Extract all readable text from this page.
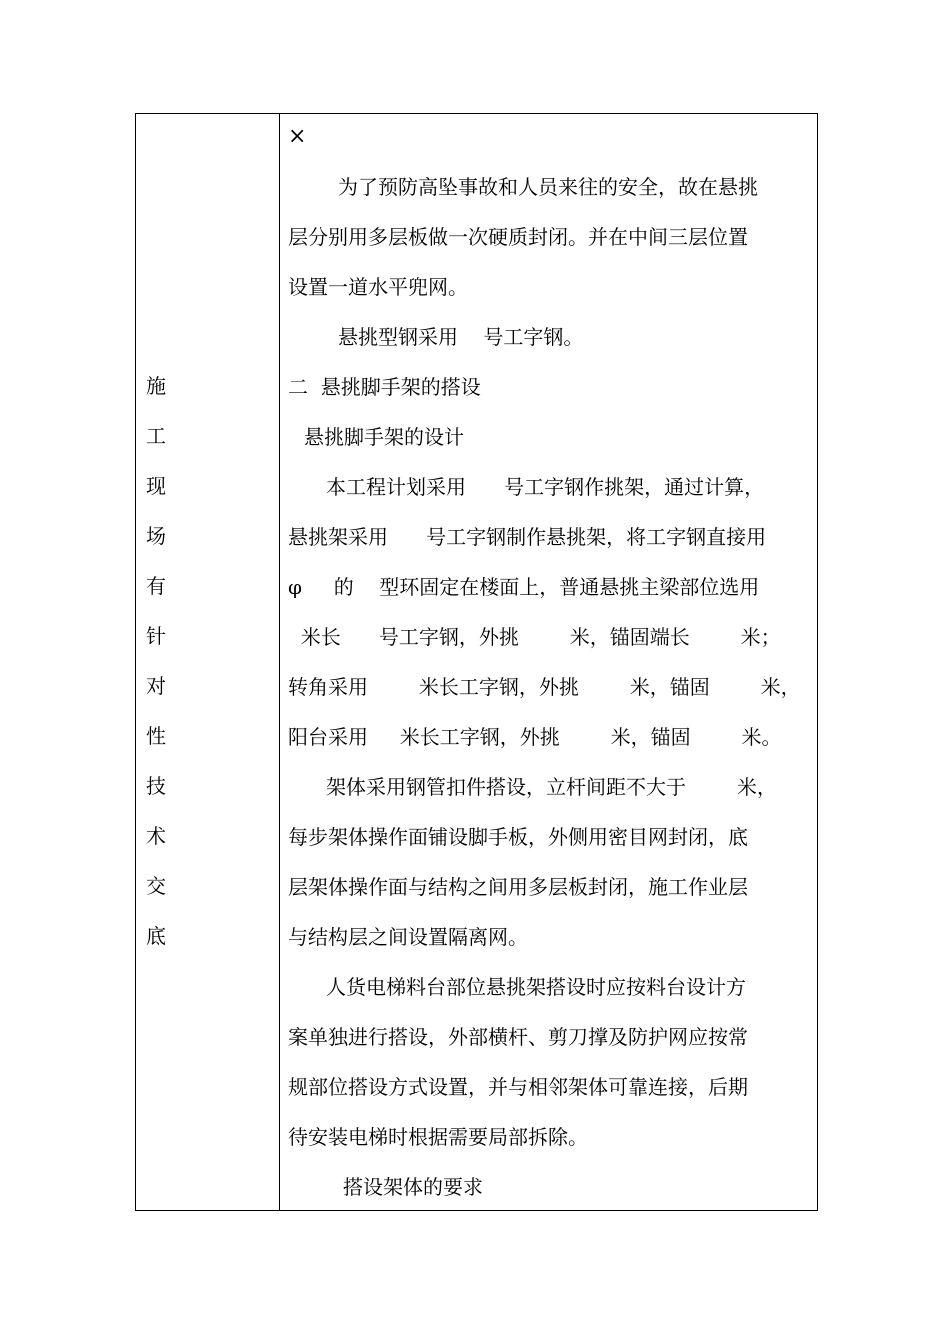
施
工
现
场
有
针
对
性
技
术
交
底
×
为了预防高坠事故和人员来往的安全，故在悬挑
层分别用多层板做一次硬质封闭。并在中间三层位置
设置一道水平兜网。
悬挑型钢采用    号工字钢。
二  悬挑脚手架的搭设
悬挑脚手架的设计
本工程计划采用      号工字钢作挑架，通过计算，
悬挑架采用      号工字钢制作悬挑架，将工字钢直接用
φ     的    型环固定在楼面上，普通悬挑主梁部位选用
米长      号工字钢，外挑        米，锚固端长        米；
转角采用        米长工字钢，外挑        米，锚固        米，
阳台采用     米长工字钢，外挑        米，锚固        米。
架体采用钢管扣件搭设，立杆间距不大于        米，
每步架体操作面铺设脚手板，外侧用密目网封闭，底
层架体操作面与结构之间用多层板封闭，施工作业层
与结构层之间设置隔离网。
人货电梯料台部位悬挑架搭设时应按料台设计方
案单独进行搭设，外部横杆、剪刀撑及防护网应按常
规部位搭设方式设置，并与相邻架体可靠连接，后期
待安装电梯时根据需要局部拆除。
搭设架体的要求
